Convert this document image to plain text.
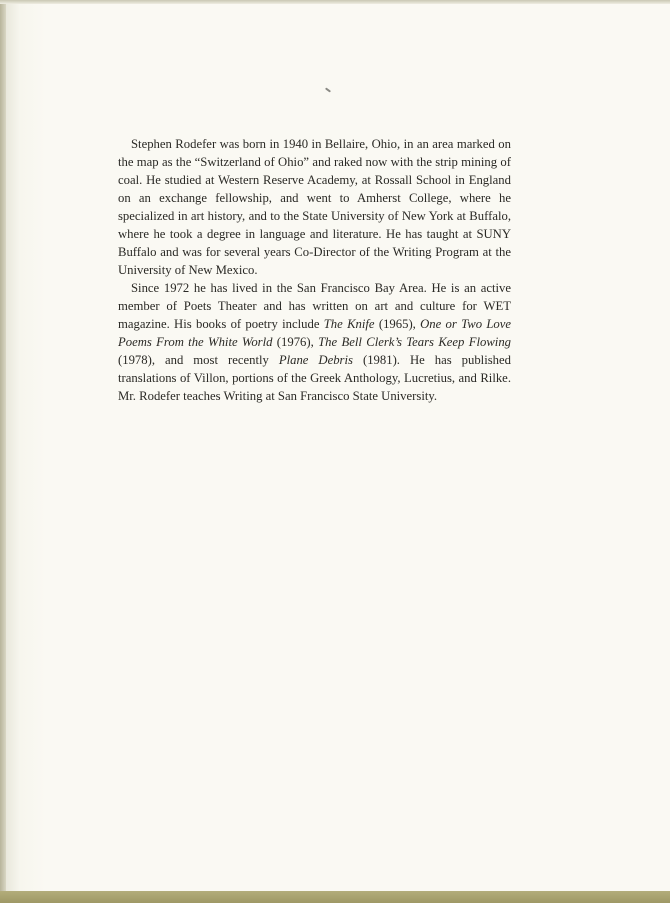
Stephen Rodefer was born in 1940 in Bellaire, Ohio, in an area marked on the map as the “Switzerland of Ohio” and raked now with the strip mining of coal. He studied at Western Reserve Academy, at Rossall School in England on an exchange fellowship, and went to Amherst College, where he specialized in art history, and to the State University of New York at Buffalo, where he took a degree in language and literature. He has taught at SUNY Buffalo and was for several years Co-Director of the Writing Program at the University of New Mexico.

Since 1972 he has lived in the San Francisco Bay Area. He is an active member of Poets Theater and has written on art and culture for WET magazine. His books of poetry include The Knife (1965), One or Two Love Poems From the White World (1976), The Bell Clerk’s Tears Keep Flowing (1978), and most recently Plane Debris (1981). He has published translations of Villon, portions of the Greek Anthology, Lucretius, and Rilke. Mr. Rodefer teaches Writing at San Francisco State University.
